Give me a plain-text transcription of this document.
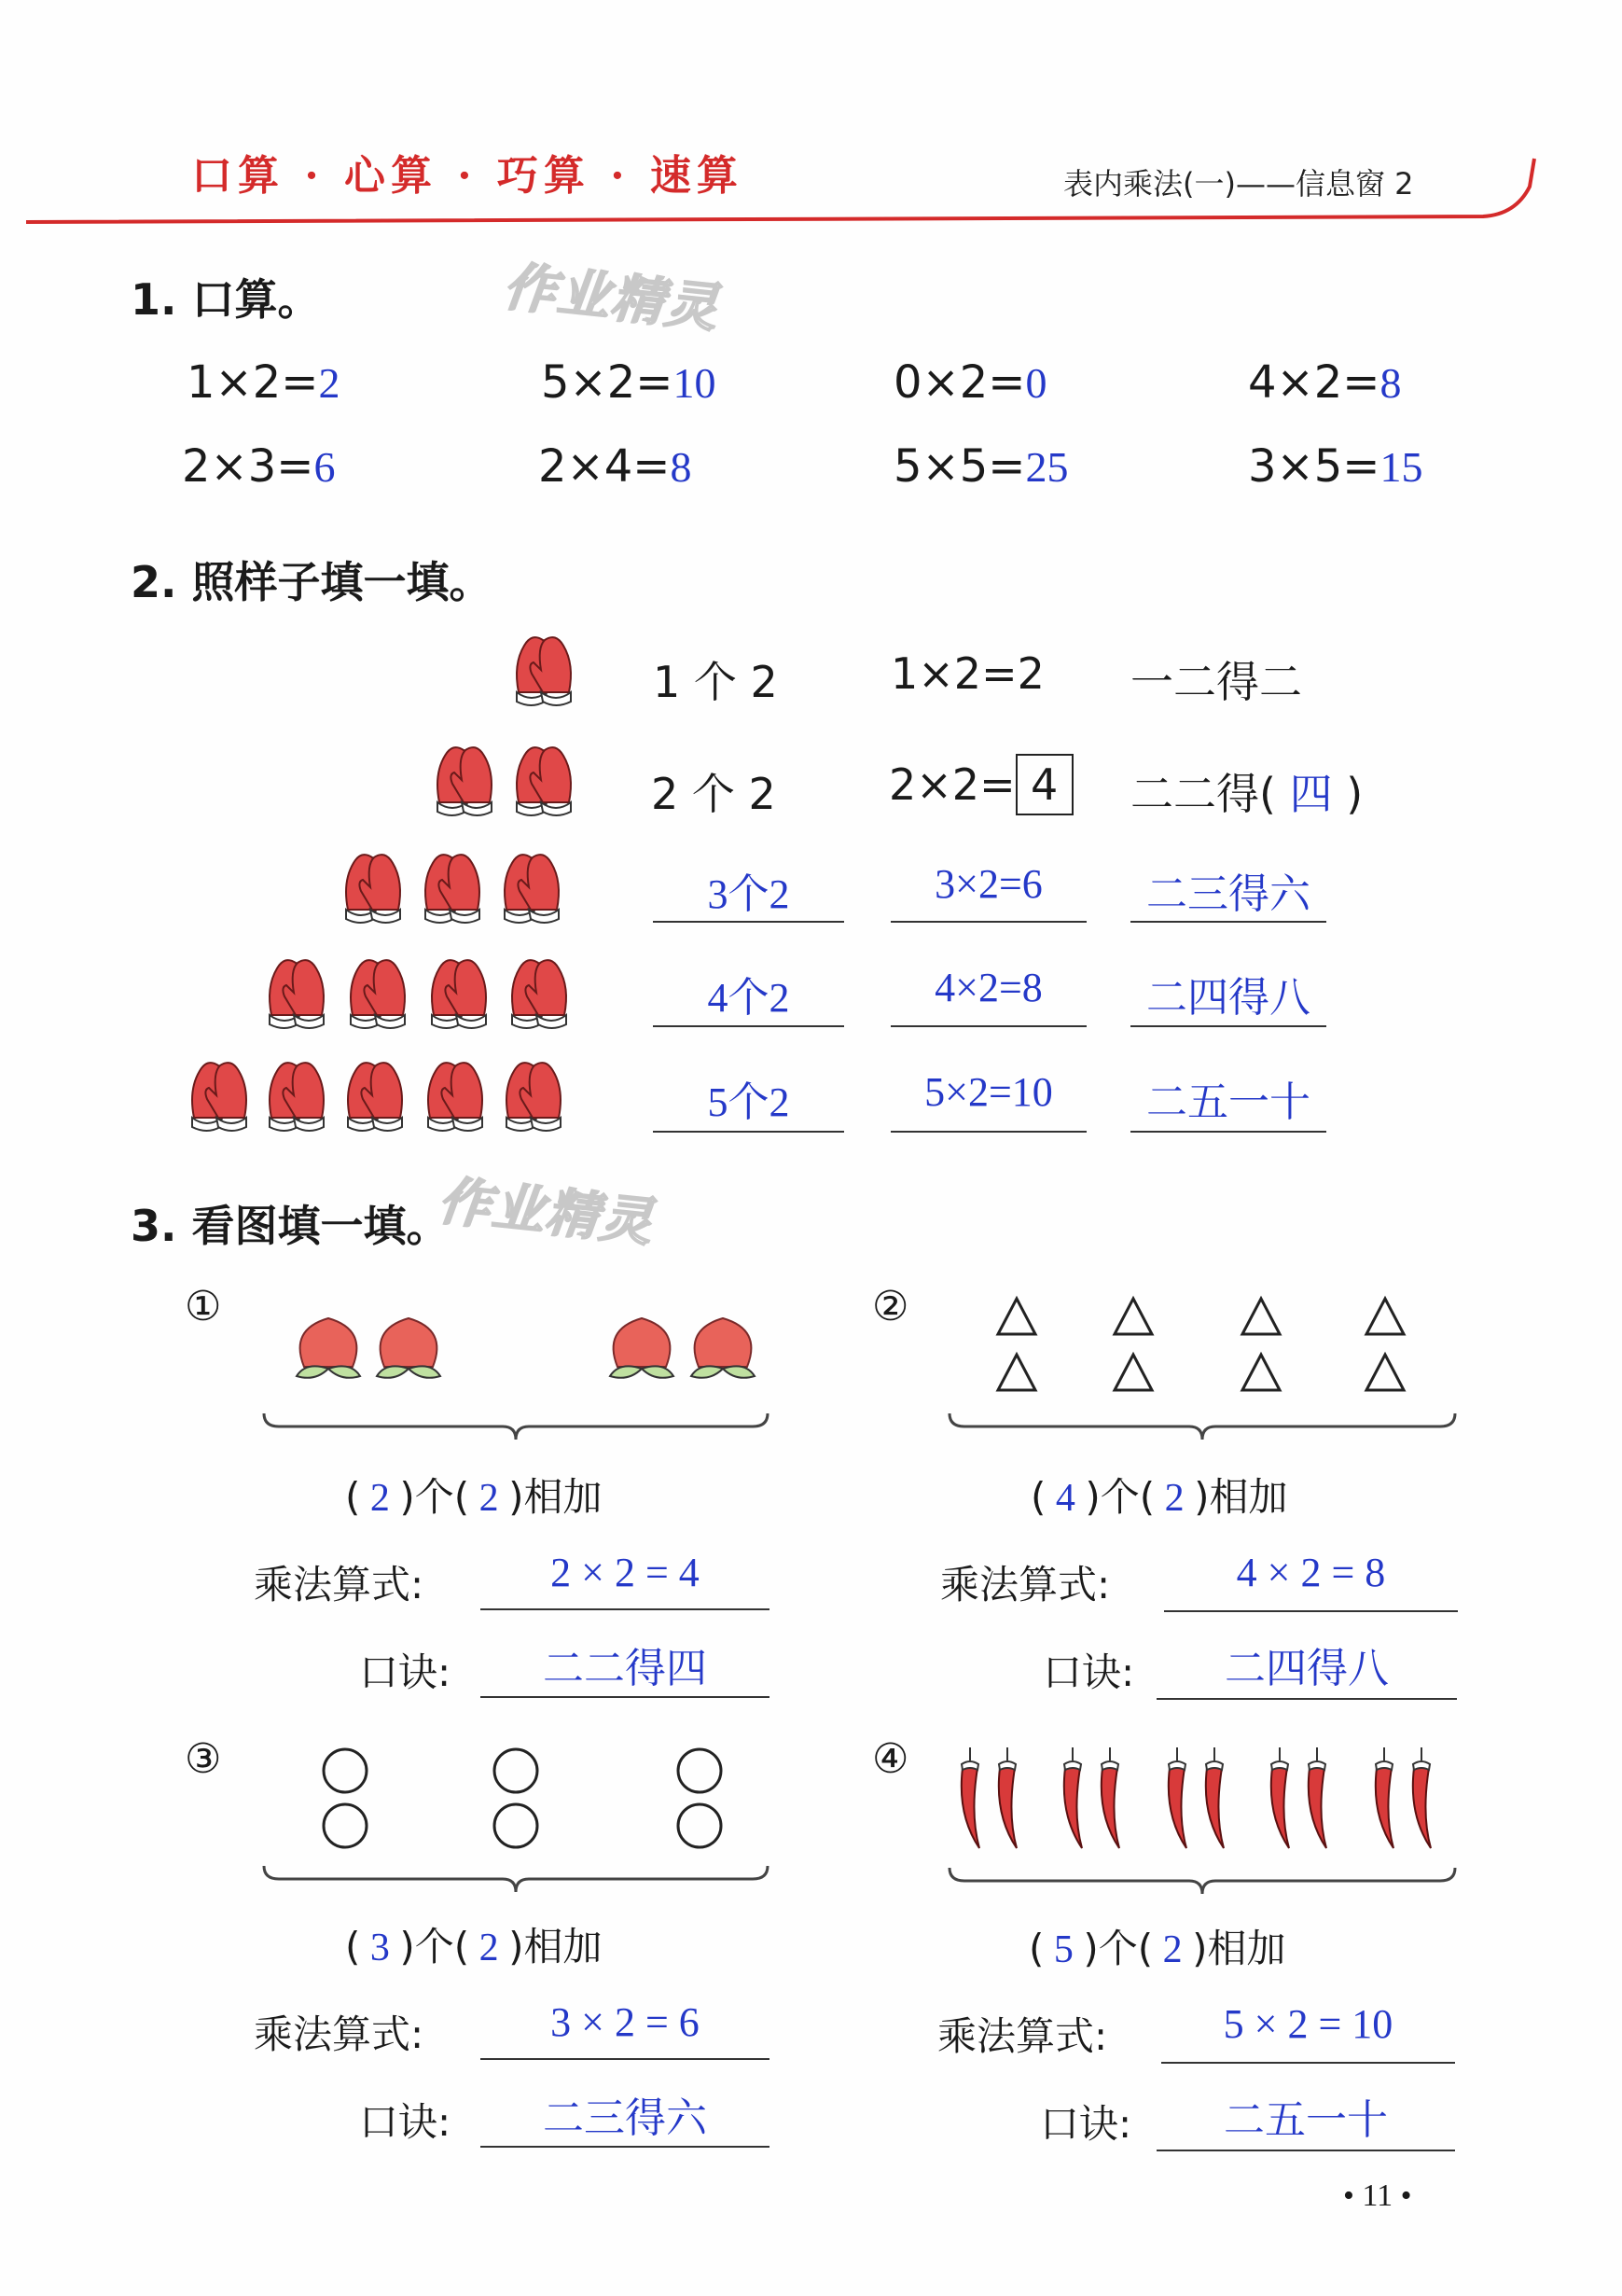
口算 · 心算 · 巧算 · 速算	表内乘法(一)——信息窗 2
作业精灵
作业精灵
1. 口算。
1×2=2	5×2=10	0×2=0	4×2=8
2×3=6	2×4=8	5×5=25	3×5=15
2. 照样子填一填。
1 个 2	1×2=2 一二得二
2 个 2	2×2= 4	二二得( 四 )
3个2	3×2=6	二三得六
4个2	4×2=8	二四得八
5个2	5×2=10	二五一十
3. 看图填一填。
①
( 2 )个( 2 )相加
乘法算式:	2 × 2 = 4
口诀:	二二得四
②
( 4 )个( 2 )相加
乘法算式:	4 × 2 = 8
口诀:	二四得八
③
( 3 )个( 2 )相加
乘法算式:	3 × 2 = 6
口诀:	二三得六
④
( 5 )个( 2 )相加
乘法算式:	5 × 2 = 10
口诀:	二五一十
• 11 •
